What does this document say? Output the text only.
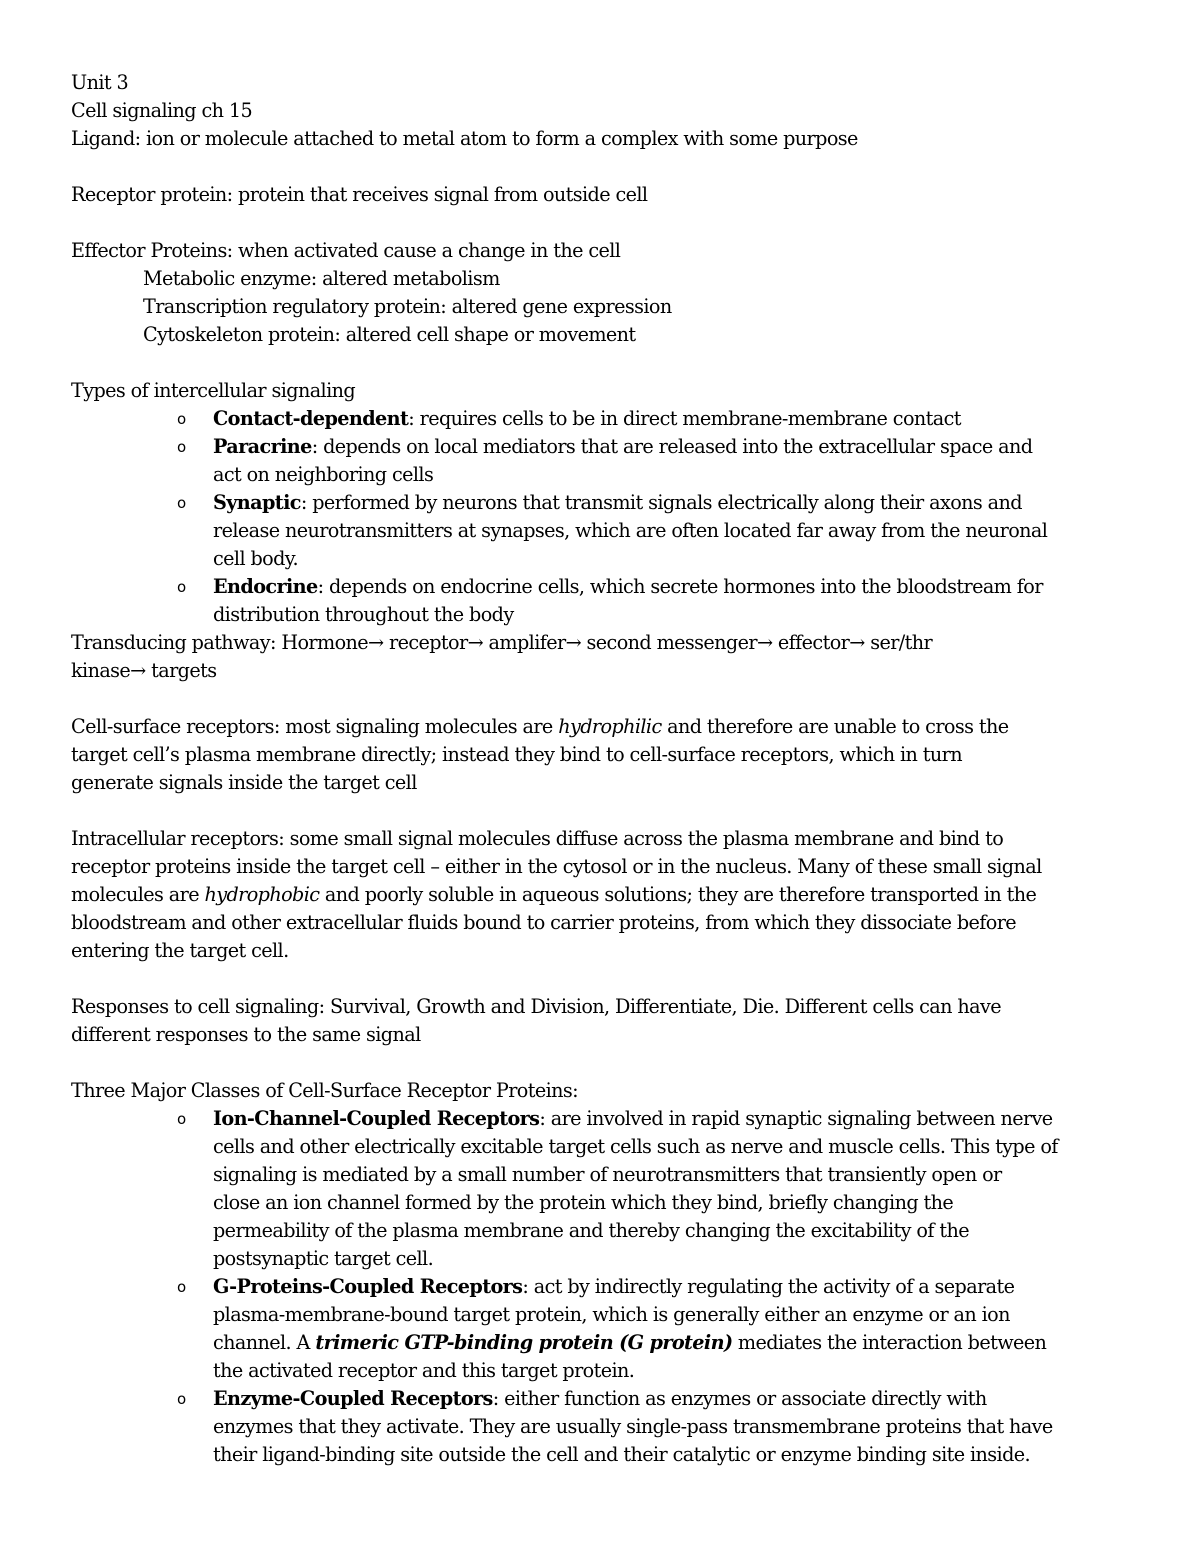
Unit 3

Cell signaling ch 15

Ligand: ion or molecule attached to metal atom to form a complex with some purpose

Receptor protein: protein that receives signal from outside cell

Effector Proteins: when activated cause a change in the cell

Metabolic enzyme: altered metabolism

Transcription regulatory protein: altered gene expression

Cytoskeleton protein: altered cell shape or movement

Types of intercellular signaling

o Contact-dependent: requires cells to be in direct membrane-membrane contact
o Paracrine: depends on local mediators that are released into the extracellular space and
act on neighboring cells
o Synaptic: performed by neurons that transmit signals electrically along their axons and
release neurotransmitters at synapses, which are often located far away from the neuronal
cell body.
o Endocrine: depends on endocrine cells, which secrete hormones into the bloodstream for
distribution throughout the body

Transducing pathway: Hormone→ receptor→ amplifer→ second messenger→ effector→ ser/thr

kinase→ targets

Cell-surface receptors: most signaling molecules are hydrophilic and therefore are unable to cross the

target cell’s plasma membrane directly; instead they bind to cell-surface receptors, which in turn

generate signals inside the target cell

Intracellular receptors: some small signal molecules diffuse across the plasma membrane and bind to

receptor proteins inside the target cell – either in the cytosol or in the nucleus. Many of these small signal

molecules are hydrophobic and poorly soluble in aqueous solutions; they are therefore transported in the

bloodstream and other extracellular fluids bound to carrier proteins, from which they dissociate before

entering the target cell.

Responses to cell signaling: Survival, Growth and Division, Differentiate, Die. Different cells can have

different responses to the same signal

Three Major Classes of Cell-Surface Receptor Proteins:

o Ion-Channel-Coupled Receptors: are involved in rapid synaptic signaling between nerve
cells and other electrically excitable target cells such as nerve and muscle cells. This type of
signaling is mediated by a small number of neurotransmitters that transiently open or
close an ion channel formed by the protein which they bind, briefly changing the
permeability of the plasma membrane and thereby changing the excitability of the
postsynaptic target cell.
o G-Proteins-Coupled Receptors: act by indirectly regulating the activity of a separate
plasma-membrane-bound target protein, which is generally either an enzyme or an ion
channel. A trimeric GTP-binding protein (G protein) mediates the interaction between
the activated receptor and this target protein.
o Enzyme-Coupled Receptors: either function as enzymes or associate directly with
enzymes that they activate. They are usually single-pass transmembrane proteins that have
their ligand-binding site outside the cell and their catalytic or enzyme binding site inside.
